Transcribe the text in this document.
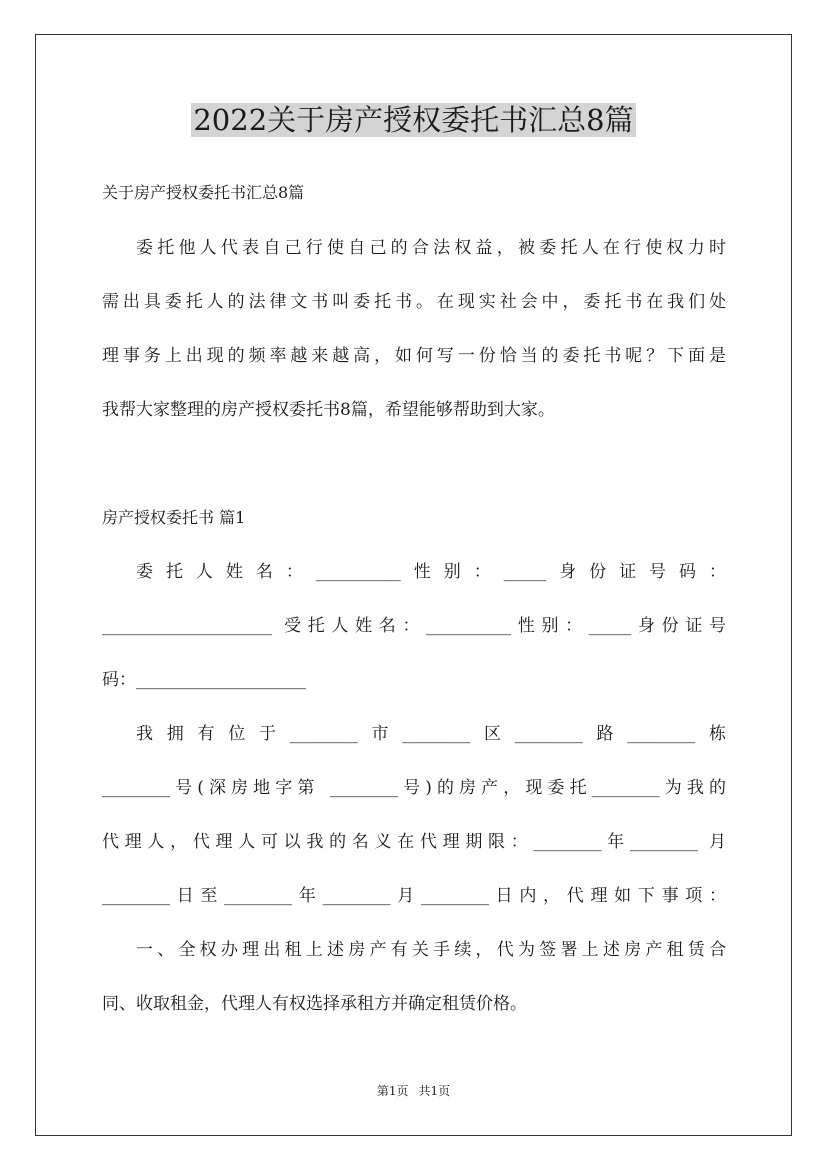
2022关于房产授权委托书汇总8篇
关于房产授权委托书汇总8篇
委托他人代表自己行使自己的合法权益，被委托人在行使权力时
需出具委托人的法律文书叫委托书。在现实社会中，委托书在我们处
理事务上出现的频率越来越高，如何写一份恰当的委托书呢？下面是
我帮大家整理的房产授权委托书8篇，希望能够帮助到大家。
房产授权委托书 篇1
委托人姓名：__________性别：_____身份证号码：
____________________ 受托人姓名：__________性别：_____身份证号
码：____________________
我拥有位于________市________区________路________栋
________号(深房地字第 ________号)的房产，现委托________为我的
代理人，代理人可以我的名义在代理期限：________年________ 月
________日至________年________月________日内，代理如下事项：
一、全权办理出租上述房产有关手续，代为签署上述房产租赁合
同、收取租金，代理人有权选择承租方并确定租赁价格。
第1页 共1页
